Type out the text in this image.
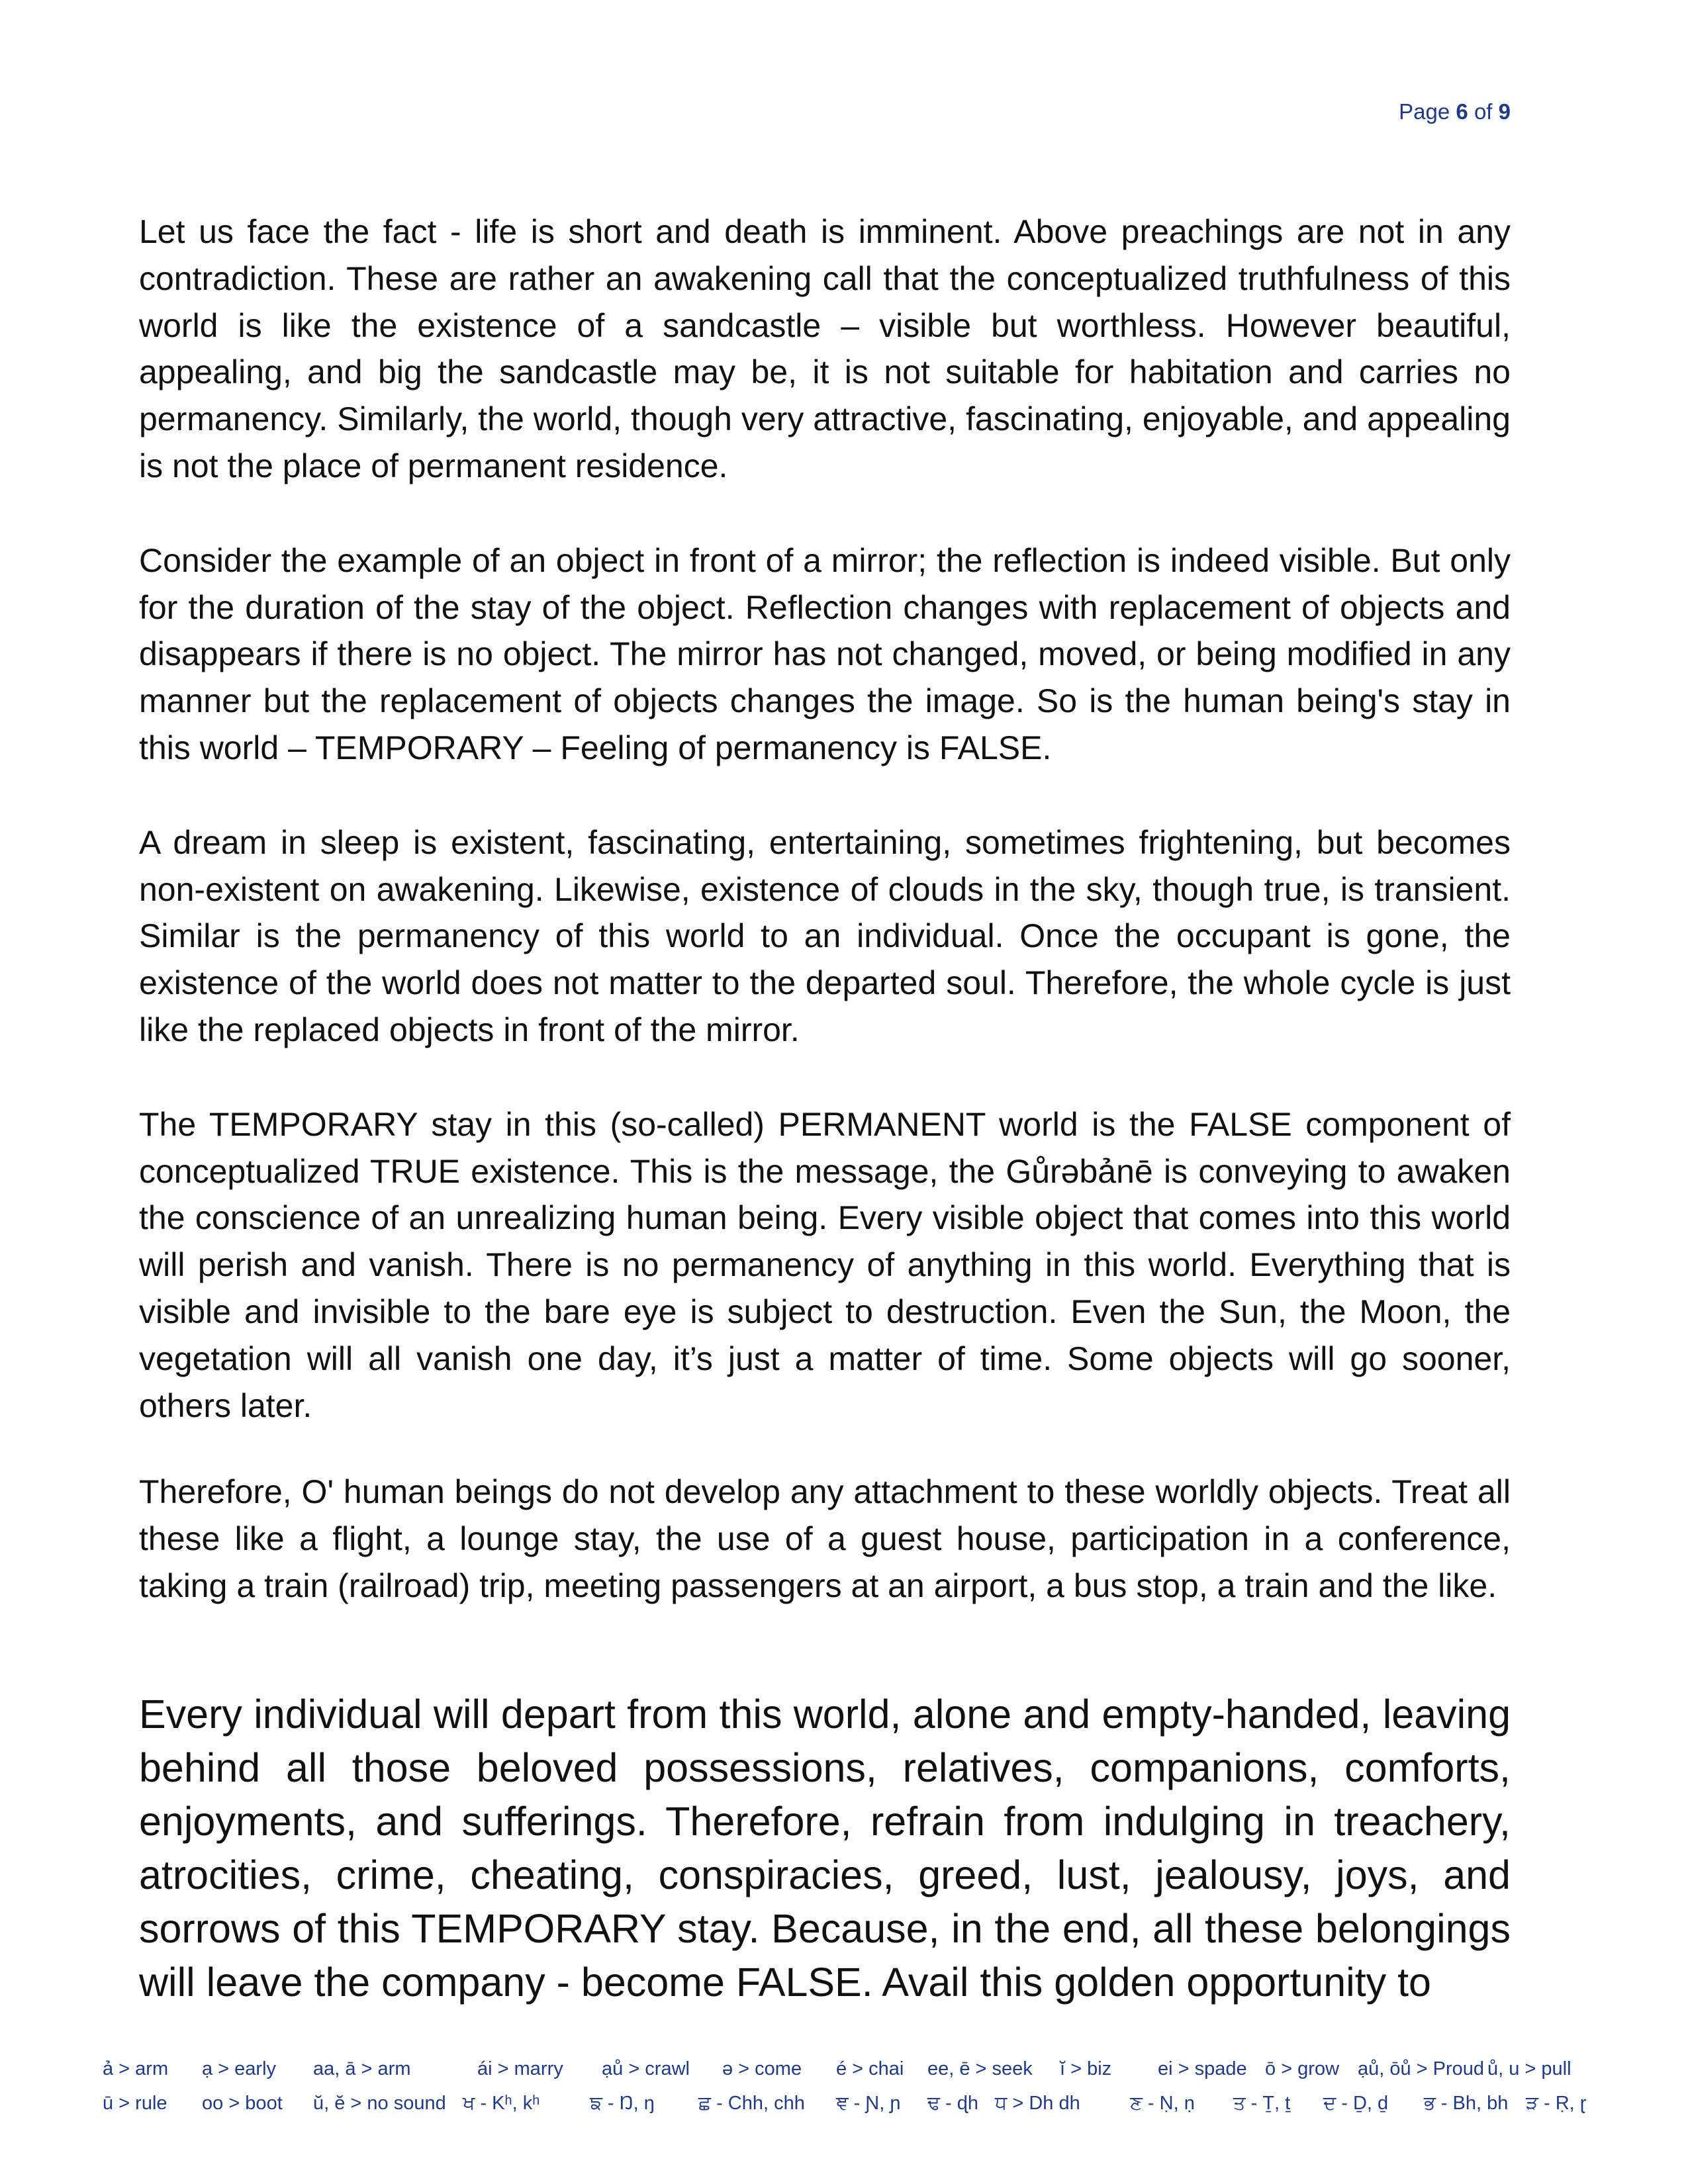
Page 6 of 9

Let us face the fact - life is short and death is imminent. Above preachings are not in any contradiction. These are rather an awakening call that the conceptualized truthfulness of this world is like the existence of a sandcastle – visible but worthless. However beautiful, appealing, and big the sandcastle may be, it is not suitable for habitation and carries no permanency. Similarly, the world, though very attractive, fascinating, enjoyable, and appealing is not the place of permanent residence.

Consider the example of an object in front of a mirror; the reflection is indeed visible. But only for the duration of the stay of the object. Reflection changes with replacement of objects and disappears if there is no object. The mirror has not changed, moved, or being modified in any manner but the replacement of objects changes the image. So is the human being's stay in this world – TEMPORARY – Feeling of permanency is FALSE.

A dream in sleep is existent, fascinating, entertaining, sometimes frightening, but becomes non-existent on awakening. Likewise, existence of clouds in the sky, though true, is transient. Similar is the permanency of this world to an individual. Once the occupant is gone, the existence of the world does not matter to the departed soul. Therefore, the whole cycle is just like the replaced objects in front of the mirror.

The TEMPORARY stay in this (so-called) PERMANENT world is the FALSE component of conceptualized TRUE existence. This is the message, the Gůrəbảnē is conveying to awaken the conscience of an unrealizing human being. Every visible object that comes into this world will perish and vanish. There is no permanency of anything in this world. Everything that is visible and invisible to the bare eye is subject to destruction. Even the Sun, the Moon, the vegetation will all vanish one day, it’s just a matter of time. Some objects will go sooner, others later.

Therefore, O' human beings do not develop any attachment to these worldly objects. Treat all these like a flight, a lounge stay, the use of a guest house, participation in a conference, taking a train (railroad) trip, meeting passengers at an airport, a bus stop, a train and the like.

Every individual will depart from this world, alone and empty-handed, leaving behind all those beloved possessions, relatives, companions, comforts, enjoyments, and sufferings. Therefore, refrain from indulging in treachery, atrocities, crime, cheating, conspiracies, greed, lust, jealousy, joys, and sorrows of this TEMPORARY stay. Because, in the end, all these belongings will leave the company - become FALSE. Avail this golden opportunity to

ả > arm ạ > early aa, ā > arm	ái > marry ạů > crawl ə > come é > chai ee, ē > seek ĭ > biz ei > spade ō > grow ạů, ōů > Proud ů, u > pull
ū > rule oo > boot ŭ, ĕ > no sound ਖ - Kʰ, kʰ	ਙ - Ŋ, ŋ ਛ - Chh, chh ਞ - Ɲ, ɲ ਢ - ɖh ਧ > Dh dh	ਣ - Ṇ, ṇ ਤ - Ṯ, ṯ ਦ - Ḏ, ḏ ਭ - Bh, bh ੜ - Ṛ, ɽ
